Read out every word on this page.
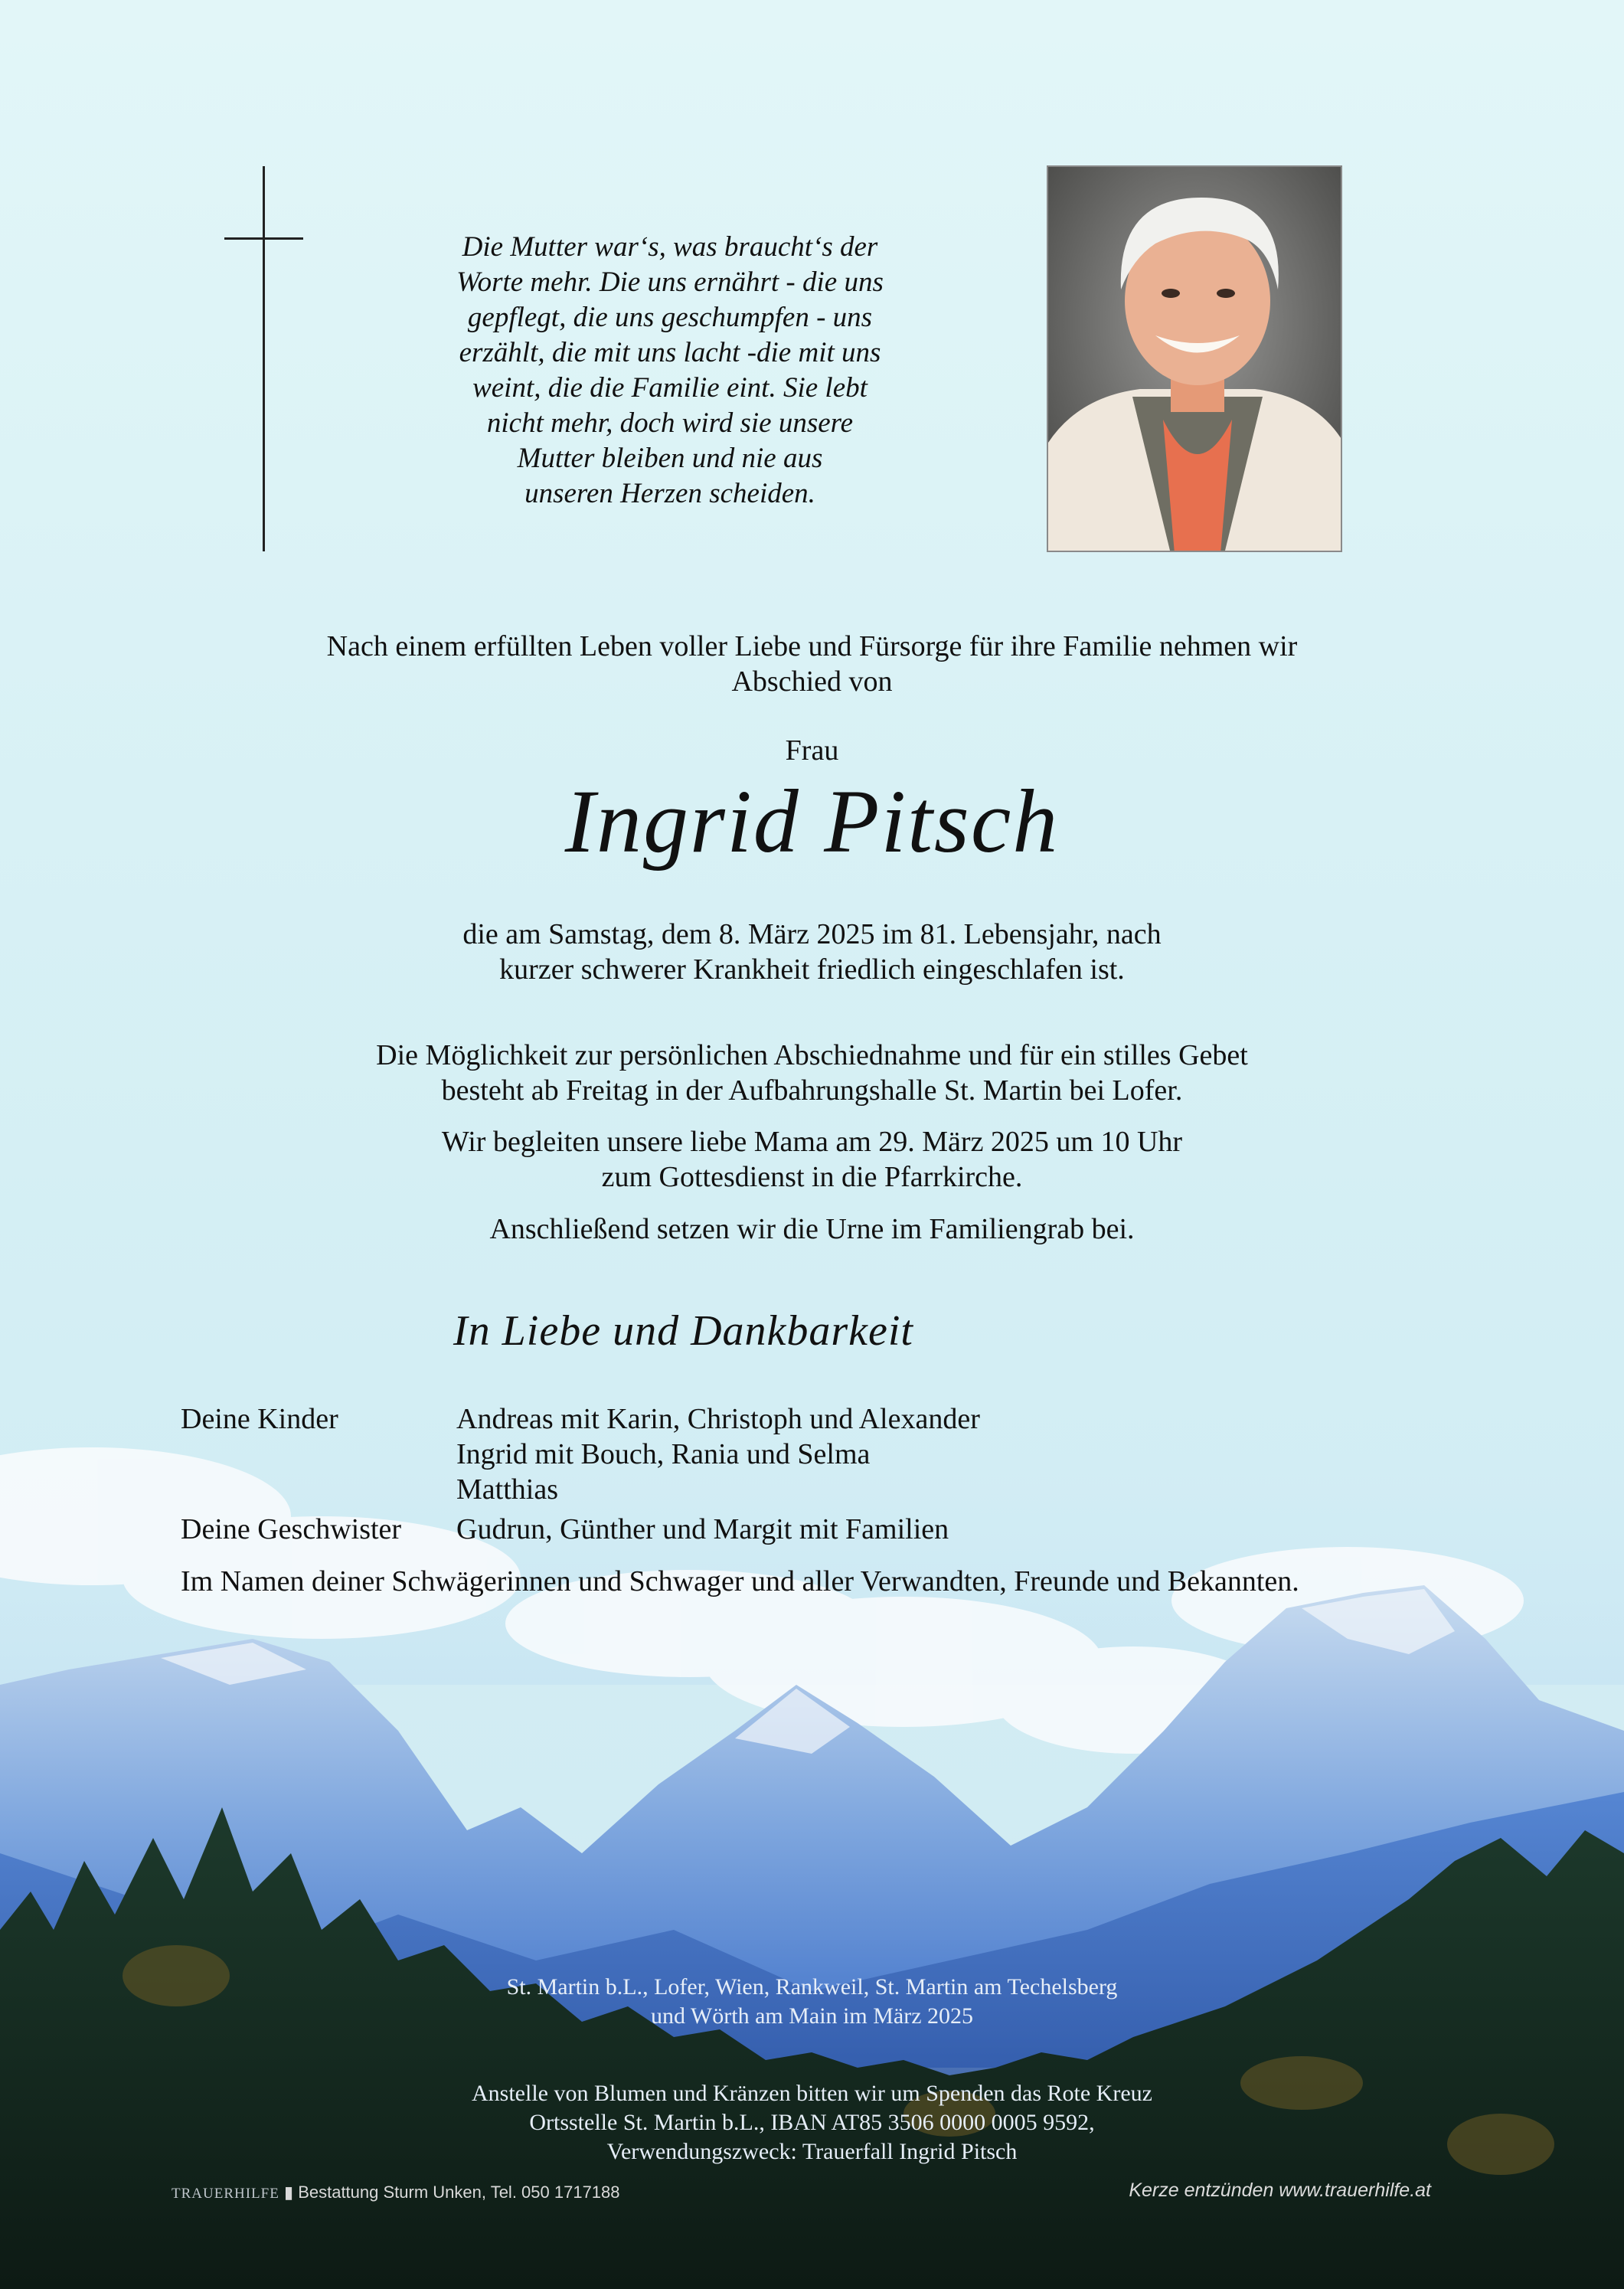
Die Mutter war‘s, was braucht‘s der
Worte mehr. Die uns ernährt - die uns
gepflegt, die uns geschumpfen - uns
erzählt, die mit uns lacht -die mit uns
weint, die die Familie eint. Sie lebt
nicht mehr, doch wird sie unsere
Mutter bleiben und nie aus
unseren Herzen scheiden.
Nach einem erfüllten Leben voller Liebe und Fürsorge für ihre Familie nehmen wir
Abschied von
Frau
Ingrid Pitsch
die am Samstag, dem 8. März 2025 im 81. Lebensjahr, nach
kurzer schwerer Krankheit friedlich eingeschlafen ist.
Die Möglichkeit zur persönlichen Abschiednahme und für ein stilles Gebet
besteht ab Freitag in der Aufbahrungshalle St. Martin bei Lofer.
Wir begleiten unsere liebe Mama am 29. März 2025 um 10 Uhr
zum Gottesdienst in die Pfarrkirche.
Anschließend setzen wir die Urne im Familiengrab bei.
In Liebe und Dankbarkeit
Deine Kinder	Andreas mit Karin, Christoph und Alexander
Ingrid mit Bouch, Rania und Selma
Matthias
Deine Geschwister Gudrun, Günther und Margit mit Familien
Im Namen deiner Schwägerinnen und Schwager und aller Verwandten, Freunde und Bekannten.
St. Martin b.L., Lofer, Wien, Rankweil, St. Martin am Techelsberg
und Wörth am Main im März 2025
Anstelle von Blumen und Kränzen bitten wir um Spenden das Rote Kreuz
Ortsstelle St. Martin b.L., IBAN AT85 3506 0000 0005 9592,
Verwendungszweck: Trauerfall Ingrid Pitsch
TRAUERHILFE ▮ Bestattung Sturm Unken, Tel. 050 1717188	Kerze entzünden www.trauerhilfe.at
